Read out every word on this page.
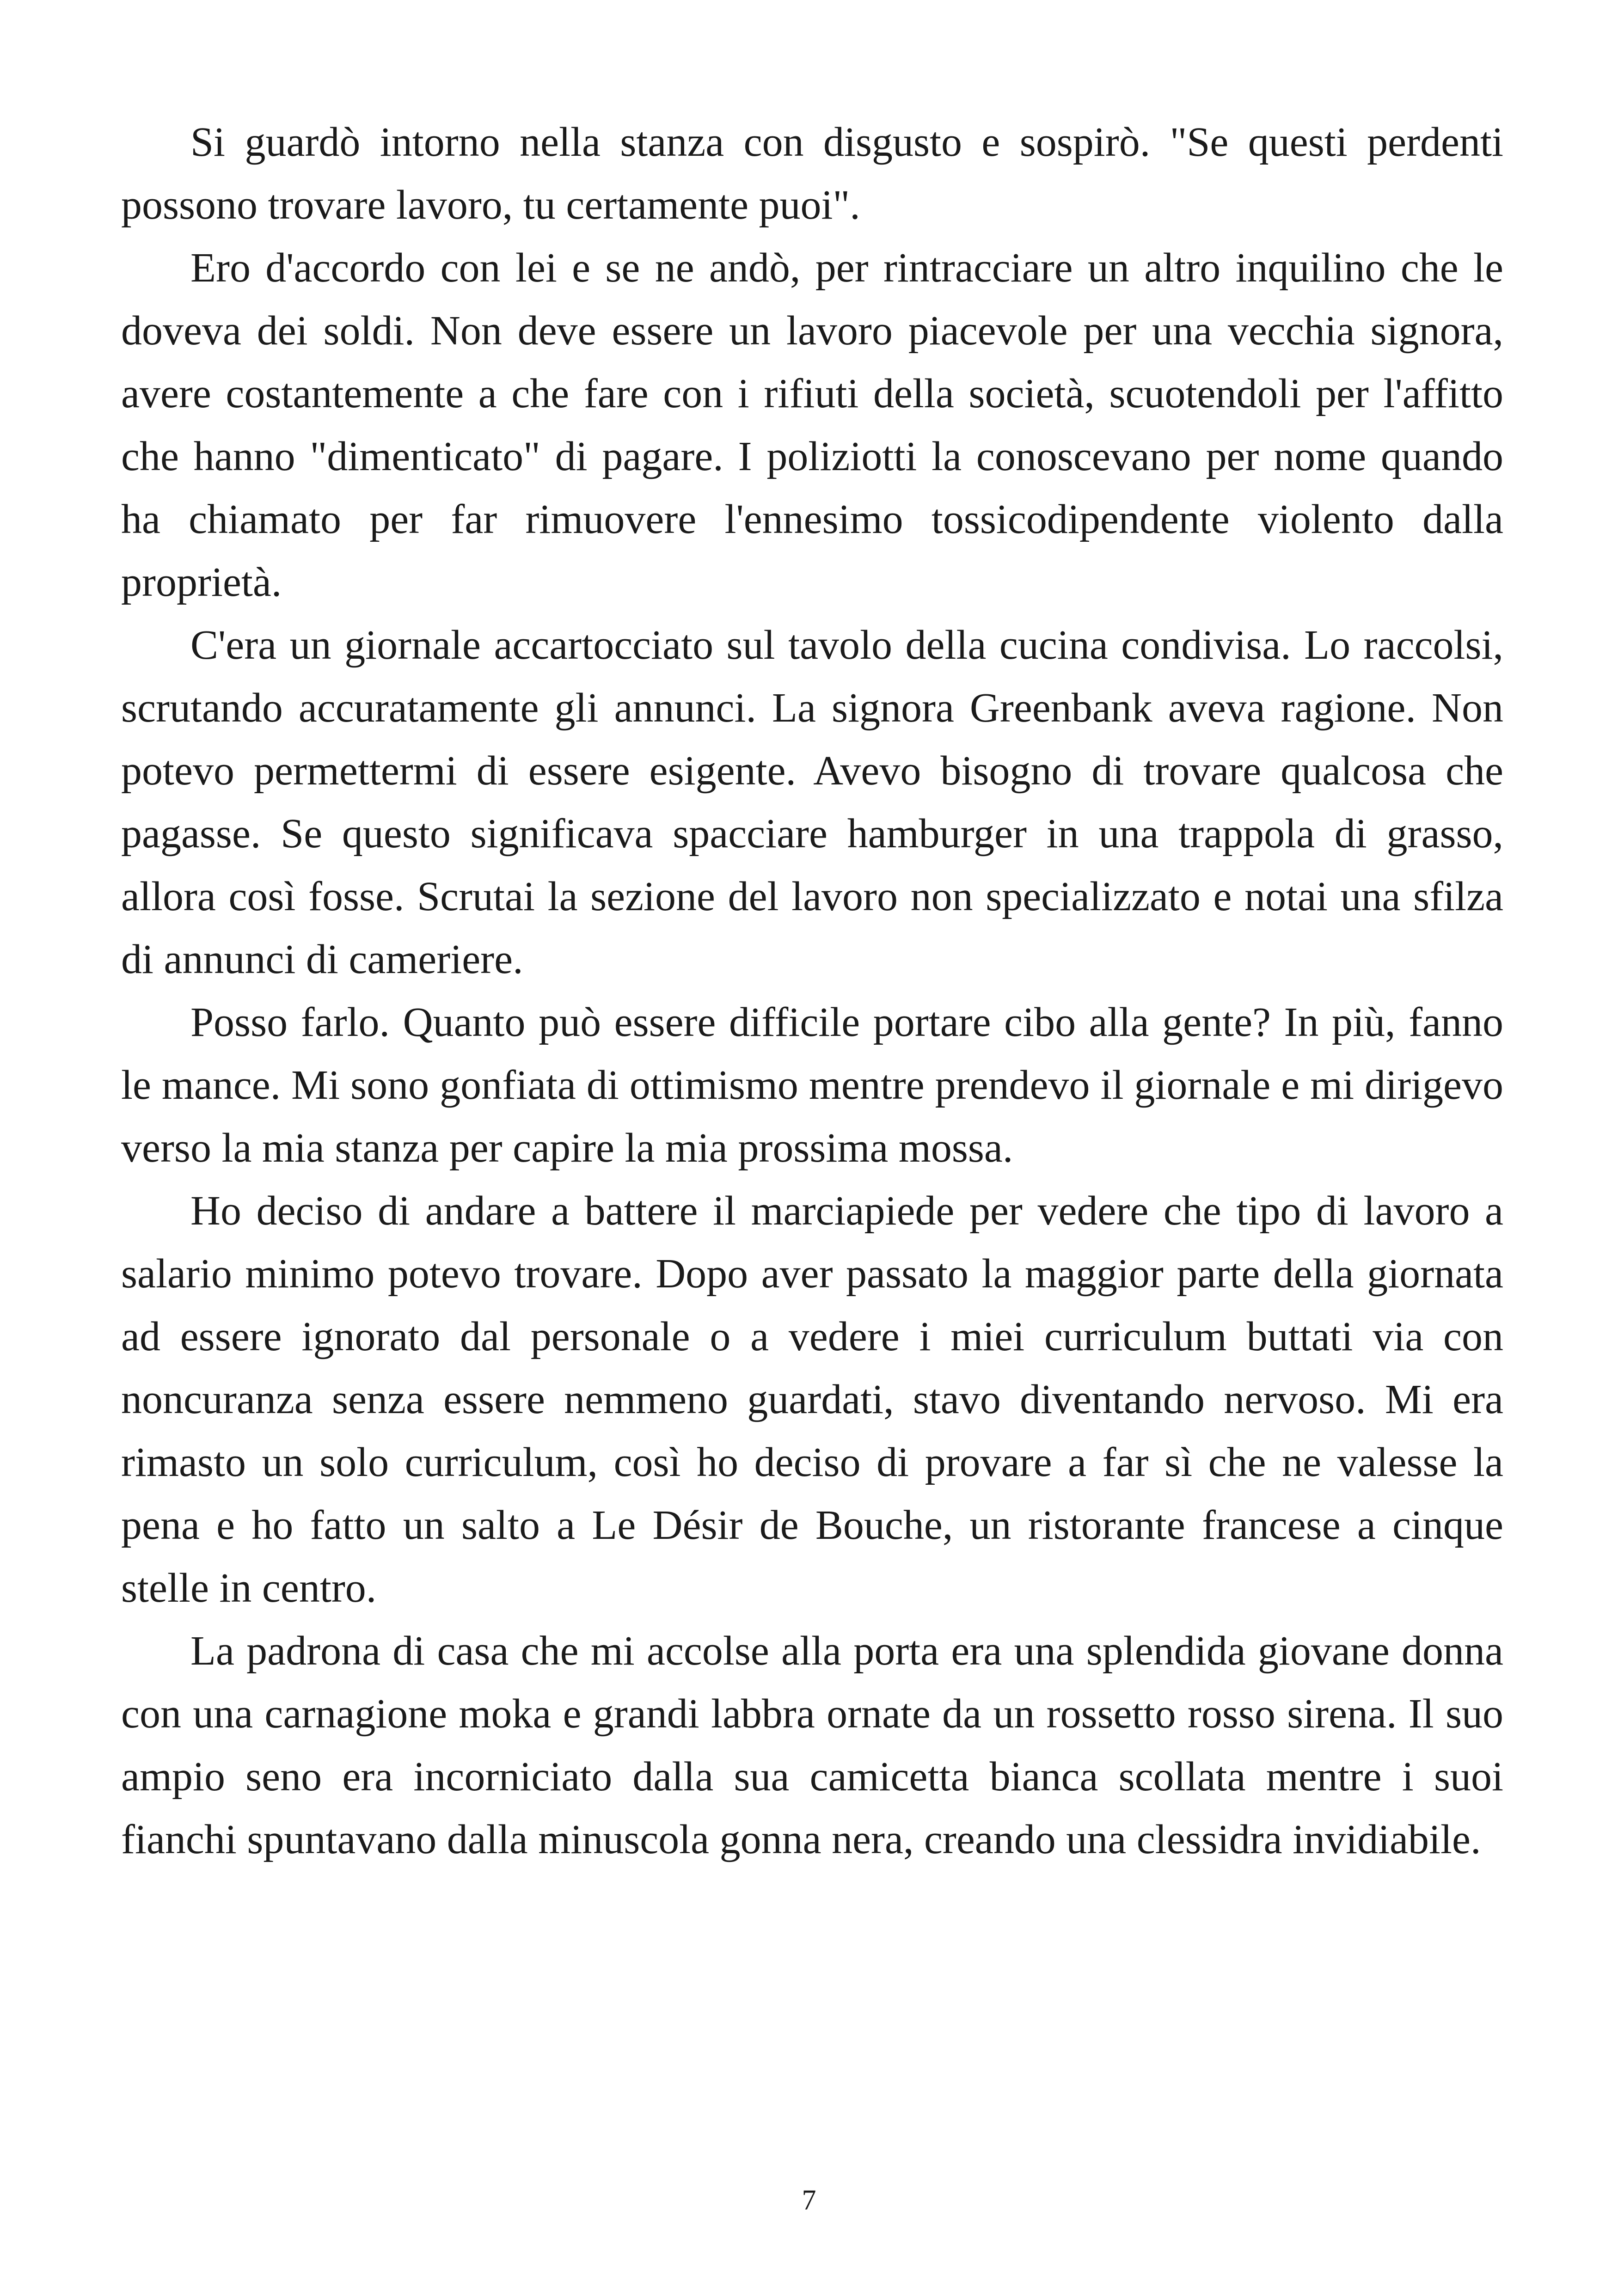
Si guardò intorno nella stanza con disgusto e sospirò. "Se questi perdenti possono trovare lavoro, tu certamente puoi".

Ero d'accordo con lei e se ne andò, per rintracciare un altro inquilino che le doveva dei soldi. Non deve essere un lavoro piacevole per una vecchia signora, avere costantemente a che fare con i rifiuti della società, scuotendoli per l'affitto che hanno "dimenticato" di pagare. I poliziotti la conoscevano per nome quando ha chiamato per far rimuovere l'ennesimo tossicodipendente violento dalla proprietà.

C'era un giornale accartocciato sul tavolo della cucina condivisa. Lo raccolsi, scrutando accuratamente gli annunci. La signora Greenbank aveva ragione. Non potevo permettermi di essere esigente. Avevo bisogno di trovare qualcosa che pagasse. Se questo significava spacciare hamburger in una trappola di grasso, allora così fosse. Scrutai la sezione del lavoro non specializzato e notai una sfilza di annunci di cameriere.

Posso farlo. Quanto può essere difficile portare cibo alla gente? In più, fanno le mance. Mi sono gonfiata di ottimismo mentre prendevo il giornale e mi dirigevo verso la mia stanza per capire la mia prossima mossa.

Ho deciso di andare a battere il marciapiede per vedere che tipo di lavoro a salario minimo potevo trovare. Dopo aver passato la maggior parte della giornata ad essere ignorato dal personale o a vedere i miei curriculum buttati via con noncuranza senza essere nemmeno guardati, stavo diventando nervoso. Mi era rimasto un solo curriculum, così ho deciso di provare a far sì che ne valesse la pena e ho fatto un salto a Le Désir de Bouche, un ristorante francese a cinque stelle in centro.

La padrona di casa che mi accolse alla porta era una splendida giovane donna con una carnagione moka e grandi labbra ornate da un rossetto rosso sirena. Il suo ampio seno era incorniciato dalla sua camicetta bianca scollata mentre i suoi fianchi spuntavano dalla minuscola gonna nera, creando una clessidra invidiabile.

7
